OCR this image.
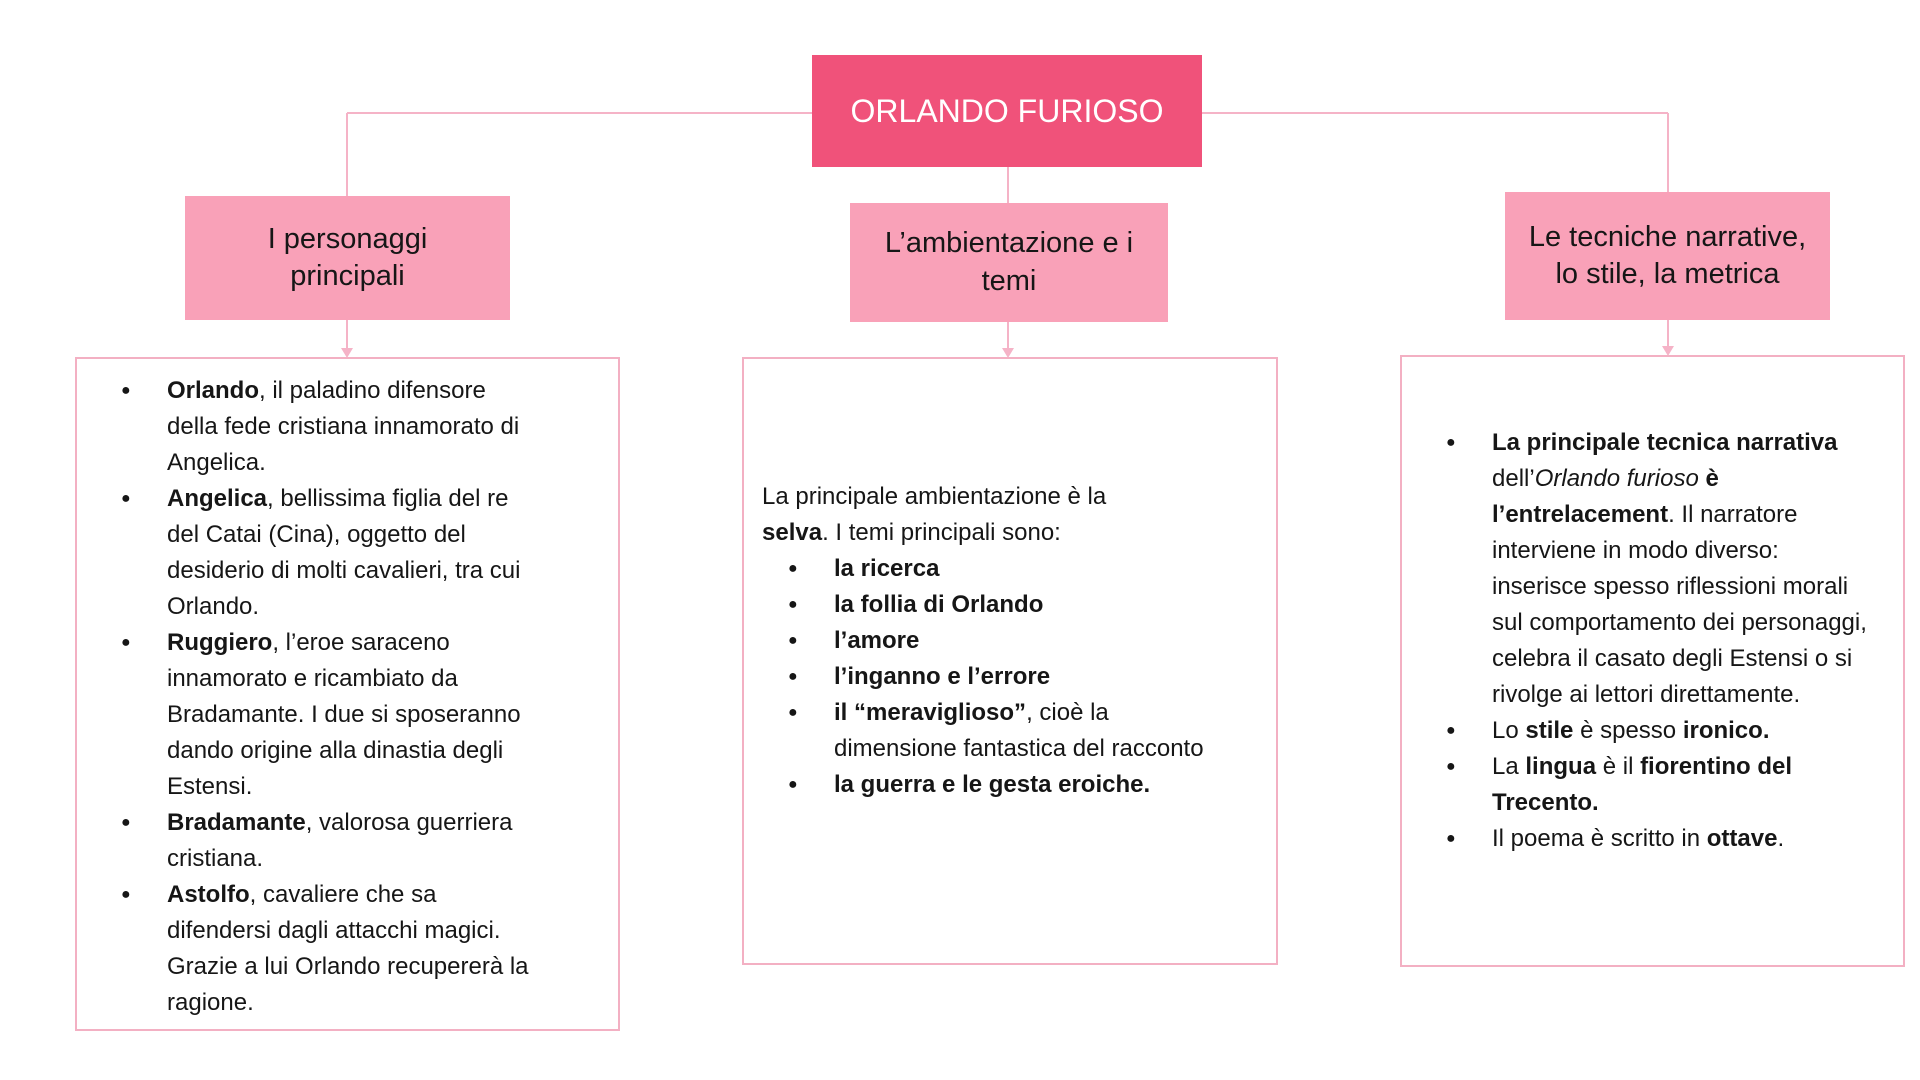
ORLANDO FURIOSO
I personaggi principali
L’ambientazione e i temi
Le tecniche narrative, lo stile, la metrica
● Orlando, il paladino difensore della fede cristiana innamorato di Angelica.
● Angelica, bellissima figlia del re del Catai (Cina), oggetto del desiderio di molti cavalieri, tra cui Orlando.
● Ruggiero, l’eroe saraceno innamorato e ricambiato da Bradamante. I due si sposeranno dando origine alla dinastia degli Estensi.
● Bradamante, valorosa guerriera cristiana.
● Astolfo, cavaliere che sa difendersi dagli attacchi magici. Grazie a lui Orlando recupererà la ragione.

La principale ambientazione è la selva. I temi principali sono:

● la ricerca
● la follia di Orlando
● l’amore
● l’inganno e l’errore
● il “meraviglioso”, cioè la dimensione fantastica del racconto
● la guerra e le gesta eroiche.
● La principale tecnica narrativa dell’Orlando furioso è l’entrelacement. Il narratore interviene in modo diverso: inserisce spesso riflessioni morali sul comportamento dei personaggi, celebra il casato degli Estensi o si rivolge ai lettori direttamente.
● Lo stile è spesso ironico.
● La lingua è il fiorentino del Trecento.
● Il poema è scritto in ottave.
